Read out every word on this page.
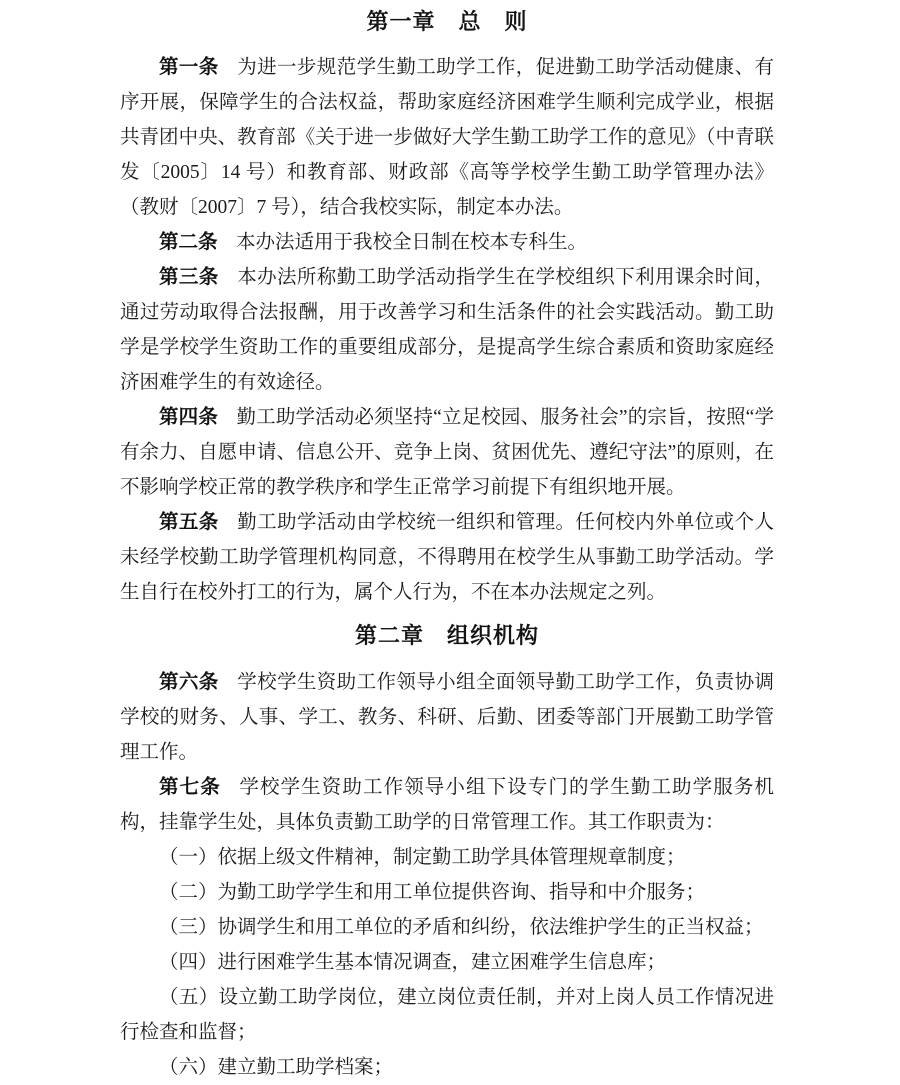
第一章　总　则

第一条 为进一步规范学生勤工助学工作，促进勤工助学活动健康、有序开展，保障学生的合法权益，帮助家庭经济困难学生顺利完成学业，根据共青团中央、教育部《关于进一步做好大学生勤工助学工作的意见》（中青联发〔2005〕14 号）和教育部、财政部《高等学校学生勤工助学管理办法》（教财〔2007〕7 号），结合我校实际，制定本办法。

第二条 本办法适用于我校全日制在校本专科生。

第三条 本办法所称勤工助学活动指学生在学校组织下利用课余时间，通过劳动取得合法报酬，用于改善学习和生活条件的社会实践活动。勤工助学是学校学生资助工作的重要组成部分，是提高学生综合素质和资助家庭经济困难学生的有效途径。

第四条 勤工助学活动必须坚持“立足校园、服务社会”的宗旨，按照“学有余力、自愿申请、信息公开、竞争上岗、贫困优先、遵纪守法”的原则，在不影响学校正常的教学秩序和学生正常学习前提下有组织地开展。

第五条 勤工助学活动由学校统一组织和管理。任何校内外单位或个人未经学校勤工助学管理机构同意，不得聘用在校学生从事勤工助学活动。学生自行在校外打工的行为，属个人行为，不在本办法规定之列。

第二章　组织机构

第六条 学校学生资助工作领导小组全面领导勤工助学工作，负责协调学校的财务、人事、学工、教务、科研、后勤、团委等部门开展勤工助学管理工作。

第七条 学校学生资助工作领导小组下设专门的学生勤工助学服务机构，挂靠学生处，具体负责勤工助学的日常管理工作。其工作职责为：

（一）依据上级文件精神，制定勤工助学具体管理规章制度；

（二）为勤工助学学生和用工单位提供咨询、指导和中介服务；

（三）协调学生和用工单位的矛盾和纠纷，依法维护学生的正当权益；

（四）进行困难学生基本情况调查，建立困难学生信息库；

（五）设立勤工助学岗位，建立岗位责任制，并对上岗人员工作情况进行检查和监督；

（六）建立勤工助学档案；
